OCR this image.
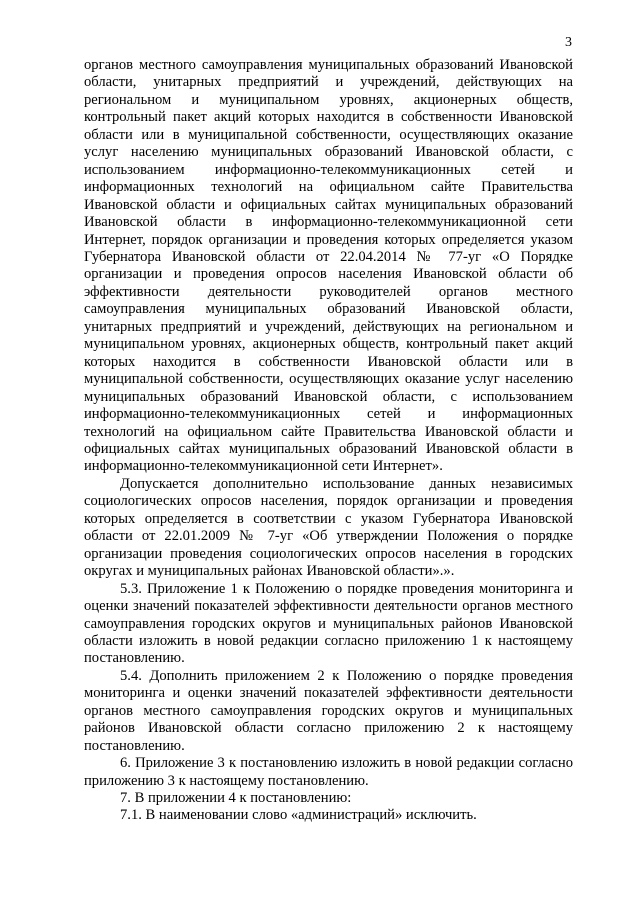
3

органов местного самоуправления муниципальных образований Ивановской области, унитарных предприятий и учреждений, действующих на региональном и муниципальном уровнях, акционерных обществ, контрольный пакет акций которых находится в собственности Ивановской области или в муниципальной собственности, осуществляющих оказание услуг населению муниципальных образований Ивановской области, с использованием информационно-телекоммуникационных сетей и информационных технологий на официальном сайте Правительства Ивановской области и официальных сайтах муниципальных образований Ивановской области в информационно-телекоммуникационной сети Интернет, порядок организации и проведения которых определяется указом Губернатора Ивановской области от 22.04.2014 № 77-уг «О Порядке организации и проведения опросов населения Ивановской области об эффективности деятельности руководителей органов местного самоуправления муниципальных образований Ивановской области, унитарных предприятий и учреждений, действующих на региональном и муниципальном уровнях, акционерных обществ, контрольный пакет акций которых находится в собственности Ивановской области или в муниципальной собственности, осуществляющих оказание услуг населению муниципальных образований Ивановской области, с использованием информационно-телекоммуникационных сетей и информационных технологий на официальном сайте Правительства Ивановской области и официальных сайтах муниципальных образований Ивановской области в информационно-телекоммуникационной сети Интернет».

Допускается дополнительно использование данных независимых социологических опросов населения, порядок организации и проведения которых определяется в соответствии с указом Губернатора Ивановской области от 22.01.2009 № 7-уг «Об утверждении Положения о порядке организации проведения социологических опросов населения в городских округах и муниципальных районах Ивановской области».».

5.3. Приложение 1 к Положению о порядке проведения мониторинга и оценки значений показателей эффективности деятельности органов местного самоуправления городских округов и муниципальных районов Ивановской области изложить в новой редакции согласно приложению 1 к настоящему постановлению.

5.4. Дополнить приложением 2 к Положению о порядке проведения мониторинга и оценки значений показателей эффективности деятельности органов местного самоуправления городских округов и муниципальных районов Ивановской области согласно приложению 2 к настоящему постановлению.

6. Приложение 3 к постановлению изложить в новой редакции согласно приложению 3 к настоящему постановлению.

7. В приложении 4 к постановлению:

7.1. В наименовании слово «администраций» исключить.
